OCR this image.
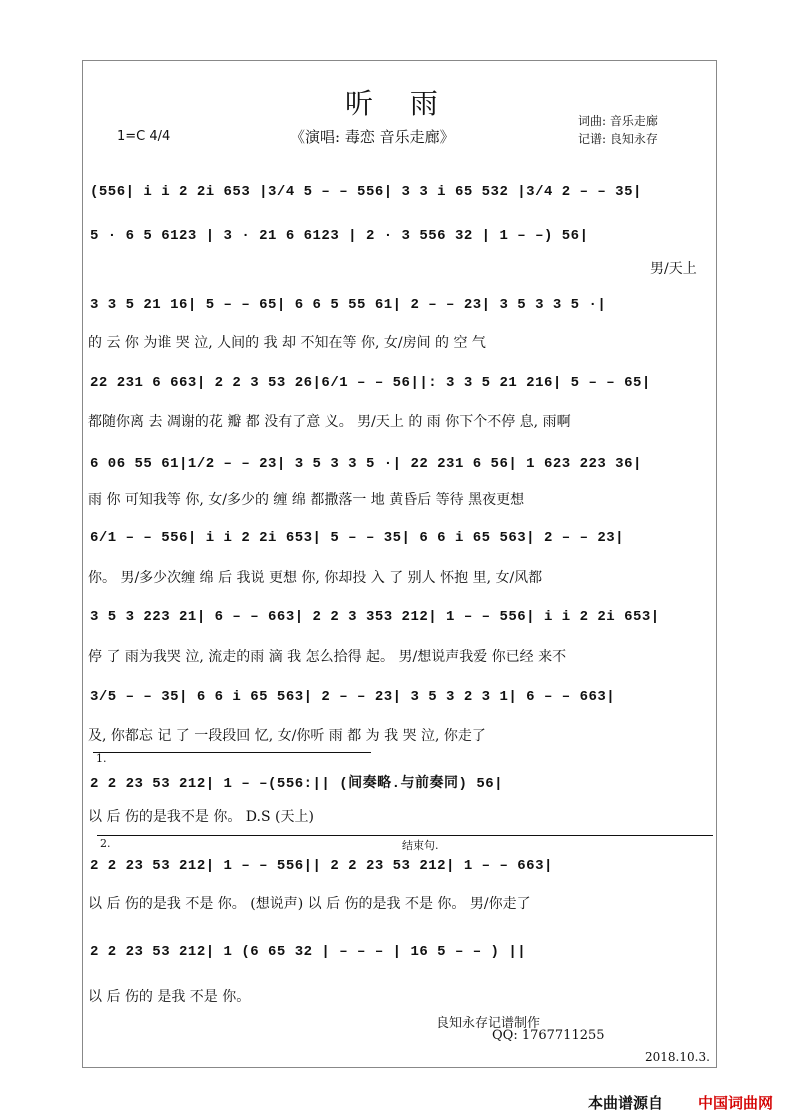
听 雨
1=C 4/4	《演唱: 毒恋 音乐走廊》
词曲: 音乐走廊
记谱: 良知永存
(556| i i 2 2i 653 |3/4 5 – – 556| 3 3 i 65 532 |3/4 2 – – 35|
5 · 6 5 6123 | 3 · 21 6 6123 | 2 · 3 556 32 | 1 – –) 56|
男/天上
3 3 5 21 16| 5 – – 65| 6 6 5 55 61| 2 – – 23| 3 5 3 3 5 ·|
的 云 你 为谁 哭 泣, 人间的 我 却 不知在等 你, 女/房间 的 空 气
22 231 6 663| 2 2 3 53 26|6/1 – – 56||: 3 3 5 21 216| 5 – – 65|
都随你离 去 凋谢的花 瓣 都 没有了意 义。 男/天上 的 雨 你下个不停 息, 雨啊
6 06 55 61|1/2 – – 23| 3 5 3 3 5 ·| 22 231 6 56| 1 623 223 36|
雨 你 可知我等 你, 女/多少的 缠 绵 都撒落一 地 黄昏后 等待 黑夜更想
6/1 – – 556| i i 2 2i 653| 5 – – 35| 6 6 i 65 563| 2 – – 23|
你。 男/多少次缠 绵 后 我说 更想 你, 你却投 入 了 别人 怀抱 里, 女/风都
3 5 3 223 21| 6 – – 663| 2 2 3 353 212| 1 – – 556| i i 2 2i 653|
停 了 雨为我哭 泣, 流走的雨 滴 我 怎么拾得 起。 男/想说声我爱 你已经 来不
3/5 – – 35| 6 6 i 65 563| 2 – – 23| 3 5 3 2 3 1| 6 – – 663|
及, 你都忘 记 了 一段段回 忆, 女/你听 雨 都 为 我 哭 泣, 你走了
1.
2 2 23 53 212| 1 – –(556:|| (间奏略.与前奏同) 56|
以 后 伤的是我不是 你。 D.S (天上)
2.	结束句.
2 2 23 53 212| 1 – – 556|| 2 2 23 53 212| 1 – – 663|
以 后 伤的是我 不是 你。 (想说声) 以 后 伤的是我 不是 你。 男/你走了
2 2 23 53 212| 1 (6 65 32 | – – – | 16 5 – – ) ||
以 后 伤的 是我 不是 你。
良知永存记谱制作
QQ: 1767711255
2018.10.3.
本曲谱源自 中国词曲网
